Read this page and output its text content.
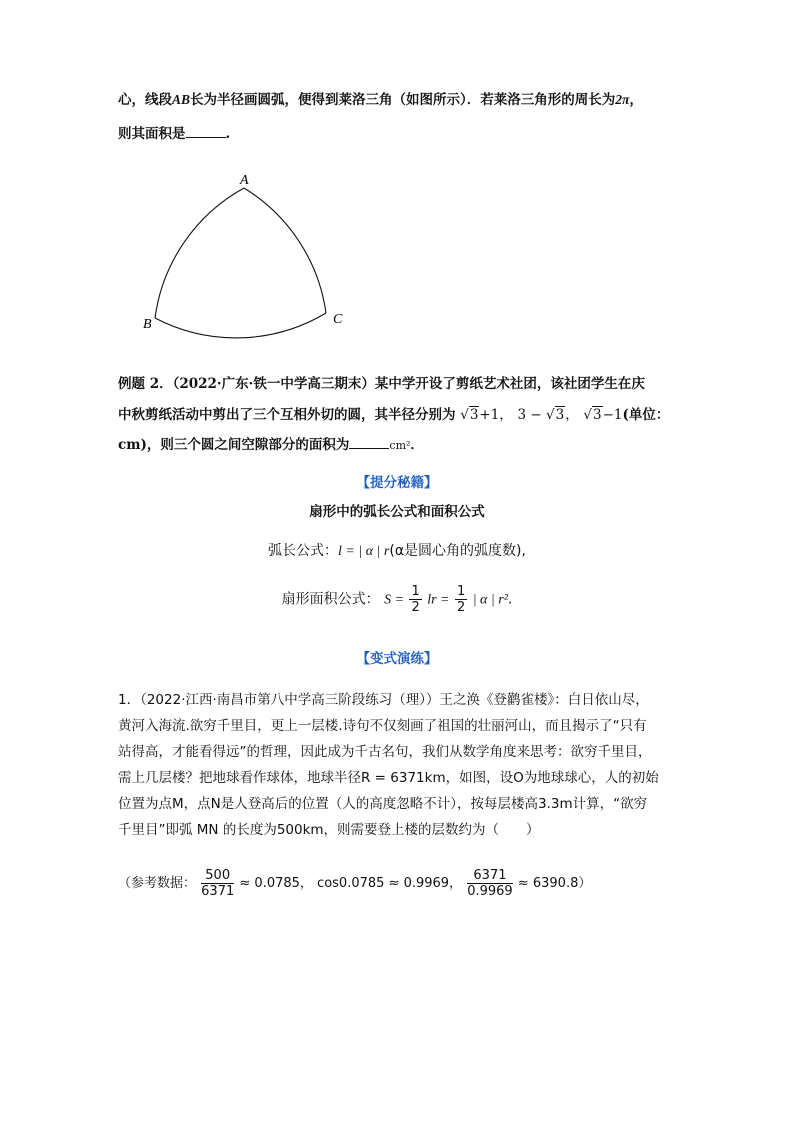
心，线段AB长为半径画圆弧，便得到莱洛三角（如图所示）．若莱洛三角形的周长为2π，
则其面积是	.
A
B	C
例题 2．（2022·广东·铁一中学高三期末）某中学开设了剪纸艺术社团，该社团学生在庆
中秋剪纸活动中剪出了三个互相外切的圆，其半径分别为 √3+1， 3 − √3， √3−1(单位：
cm)，则三个圆之间空隙部分的面积为	cm²．
【提分秘籍】
扇形中的弧长公式和面积公式
弧长公式：l = | α | r(α是圆心角的弧度数),
扇形面积公式： $S = \frac{1}{2}$ lr = $\frac{1}{2}$ | α | r².
【变式演练】
1．（2022·江西·南昌市第八中学高三阶段练习（理））王之涣《登鹳雀楼》：白日依山尽，
黄河入海流.欲穷千里目，更上一层楼.诗句不仅刻画了祖国的壮丽河山，而且揭示了“只有
站得高，才能看得远”的哲理，因此成为千古名句，我们从数学角度来思考：欲穷千里目，
需上几层楼？把地球看作球体，地球半径R = 6371km，如图，设O为地球球心，人的初始
位置为点M，点N是人登高后的位置（人的高度忽略不计），按每层楼高3.3m计算，“欲穷
千里目”即弧 MN 的长度为500km，则需要登上楼的层数约为（　　）
（参考数据： $\frac{500}{6371} \approx 0.0785$， cos0.0785 ≈ 0.9969， $\frac{6371}{0.9969} \approx 6390.8$）
